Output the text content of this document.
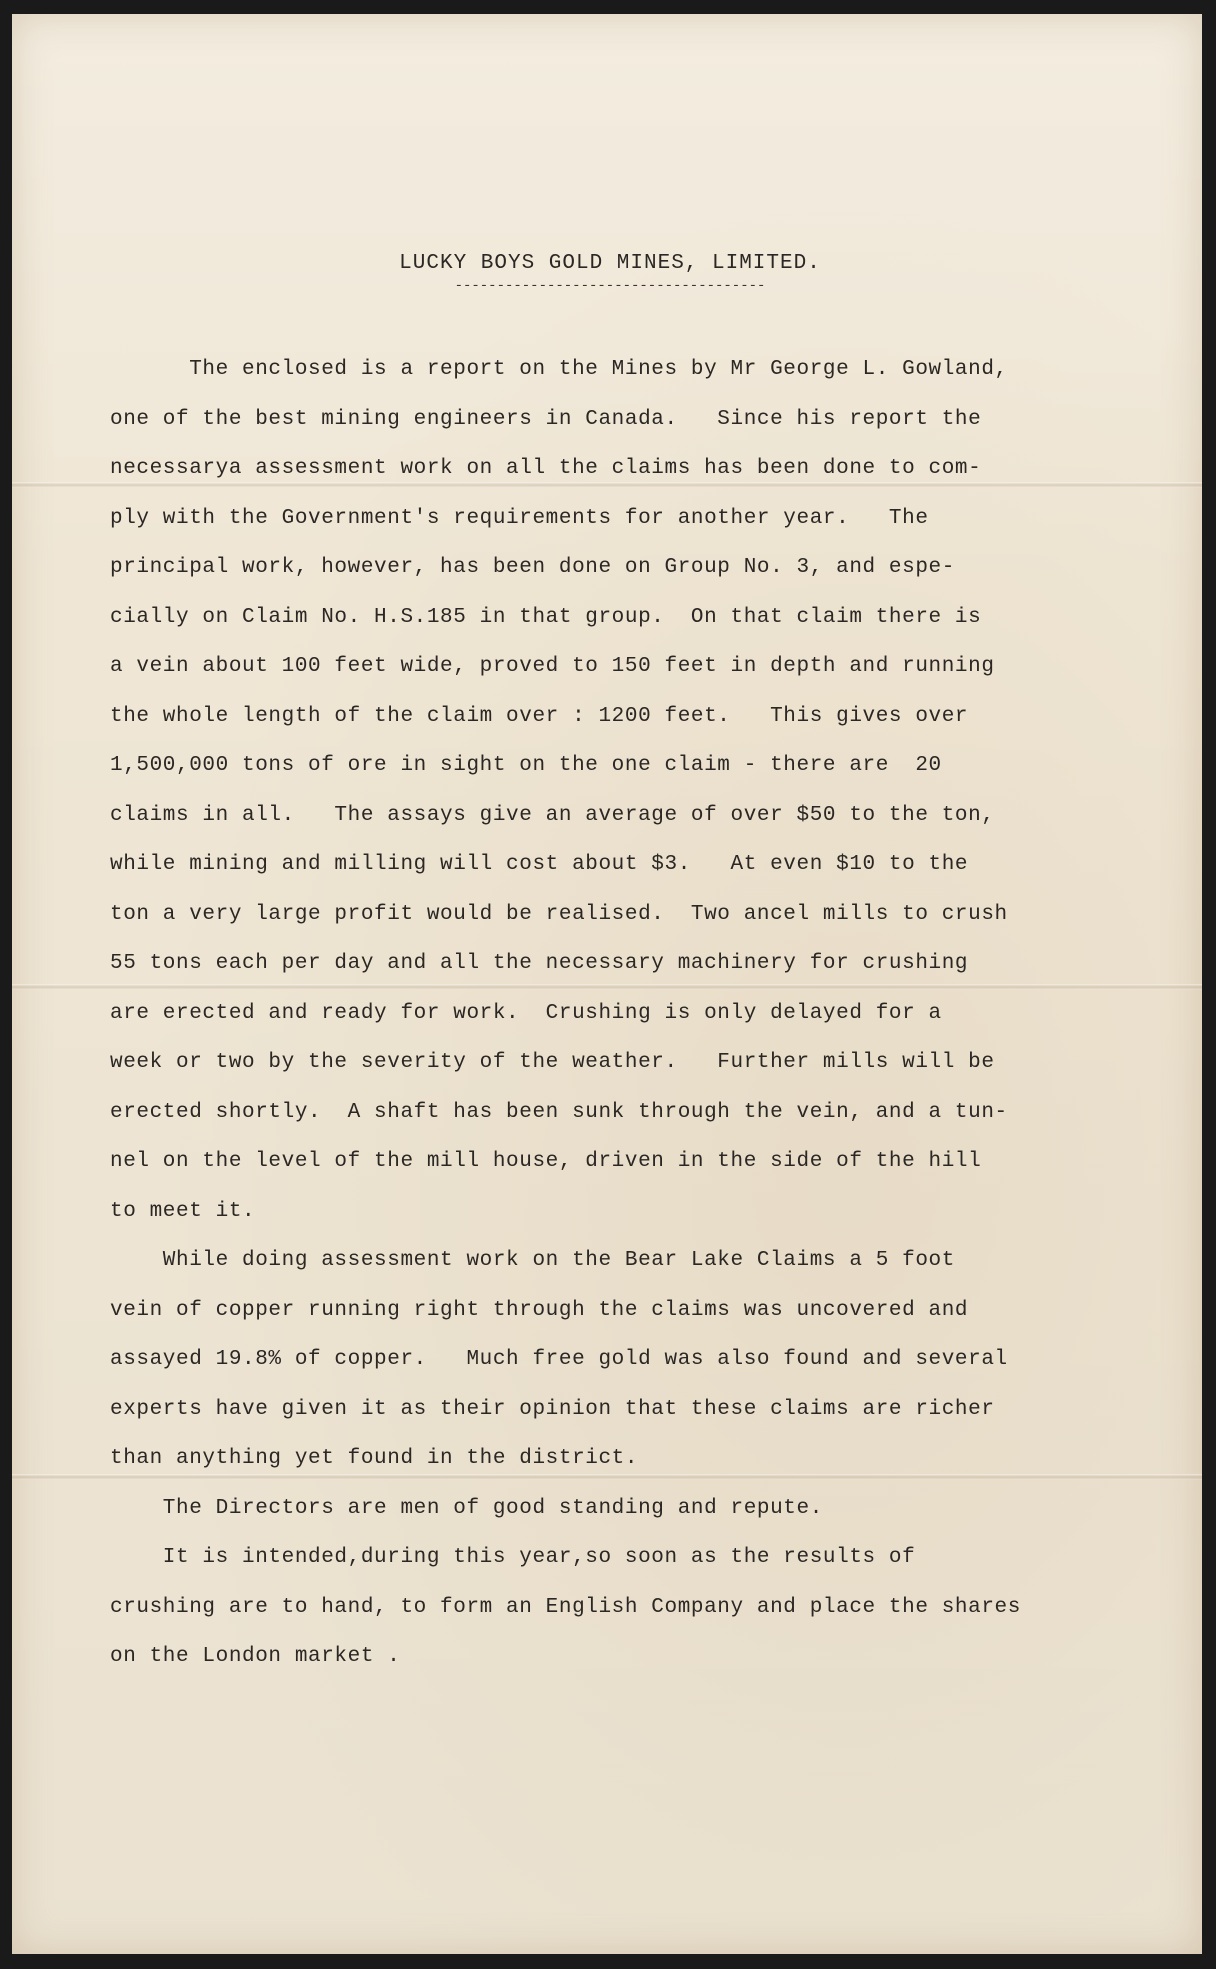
LUCKY BOYS GOLD MINES, LIMITED.
-------------------------------------
The enclosed is a report on the Mines by Mr George L. Gowland,
one of the best mining engineers in Canada.   Since his report the
necessarya assessment work on all the claims has been done to com-
ply with the Government's requirements for another year.   The
principal work, however, has been done on Group No. 3, and espe-
cially on Claim No. H.S.185 in that group.  On that claim there is
a vein about 100 feet wide, proved to 150 feet in depth and running
the whole length of the claim over : 1200 feet.   This gives over
1,500,000 tons of ore in sight on the one claim - there are  20
claims in all.   The assays give an average of over $50 to the ton,
while mining and milling will cost about $3.   At even $10 to the
ton a very large profit would be realised.  Two ancel mills to crush
55 tons each per day and all the necessary machinery for crushing
are erected and ready for work.  Crushing is only delayed for a
week or two by the severity of the weather.   Further mills will be
erected shortly.  A shaft has been sunk through the vein, and a tun-
nel on the level of the mill house, driven in the side of the hill
to meet it.
While doing assessment work on the Bear Lake Claims a 5 foot
vein of copper running right through the claims was uncovered and
assayed 19.8% of copper.   Much free gold was also found and several
experts have given it as their opinion that these claims are richer
than anything yet found in the district.
The Directors are men of good standing and repute.
It is intended,during this year,so soon as the results of
crushing are to hand, to form an English Company and place the shares
on the London market .
